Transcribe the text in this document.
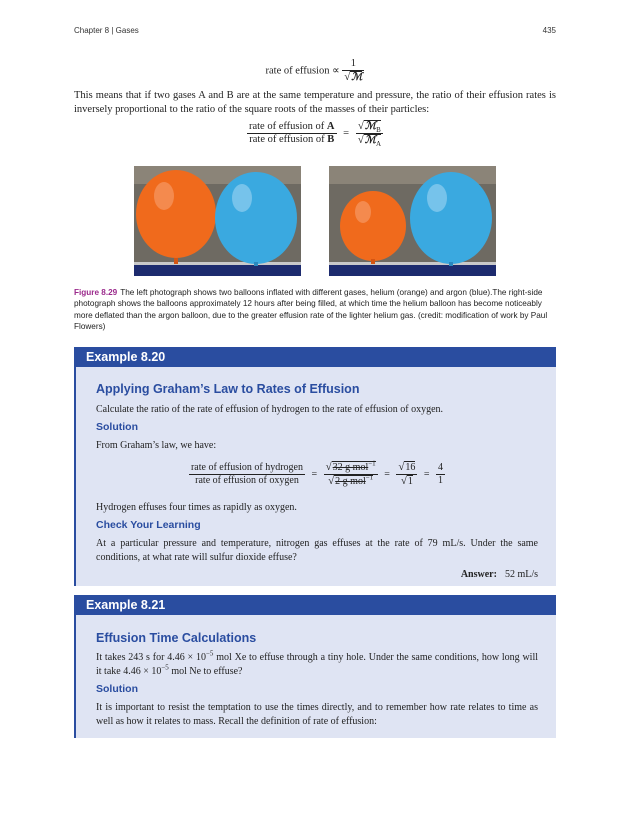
Chapter 8 | Gases	435
rate of effusion ∝ $\frac{1}{\text{√ℳ}}$
This means that if two gases A and B are at the same temperature and pressure, the ratio of their effusion rates is inversely proportional to the ratio of the square roots of the masses of their particles:
$\frac{\text{rate of effusion of A}}{\text{rate of effusion of B}} = \frac{√ℳ_B}{√ℳ_A}$
Figure 8.29 The left photograph shows two balloons inflated with different gases, helium (orange) and argon (blue).The right-side photograph shows the balloons approximately 12 hours after being filled, at which time the helium balloon has become noticeably more deflated than the argon balloon, due to the greater effusion rate of the lighter helium gas. (credit: modification of work by Paul Flowers)
Example 8.20
Applying Graham’s Law to Rates of Effusion
Calculate the ratio of the rate of effusion of hydrogen to the rate of effusion of oxygen.
Solution
From Graham’s law, we have:
$\frac{\text{rate of effusion of hydrogen}}{\text{rate of effusion of oxygen}} = \frac{√32 g mol^{-1}}{√2 g mol^{-1}} = \frac{√16}{√1} = \frac{4}{1}$
Hydrogen effuses four times as rapidly as oxygen.
Check Your Learning
At a particular pressure and temperature, nitrogen gas effuses at the rate of 79 mL/s. Under the same conditions, at what rate will sulfur dioxide effuse?
Answer: 52 mL/s
Example 8.21
Effusion Time Calculations
It takes 243 s for $4.46 \times 10^{-5}$ mol Xe to effuse through a tiny hole. Under the same conditions, how long will it take $4.46 \times 10^{-5}$ mol Ne to effuse?
Solution
It is important to resist the temptation to use the times directly, and to remember how rate relates to time as well as how it relates to mass. Recall the definition of rate of effusion:
